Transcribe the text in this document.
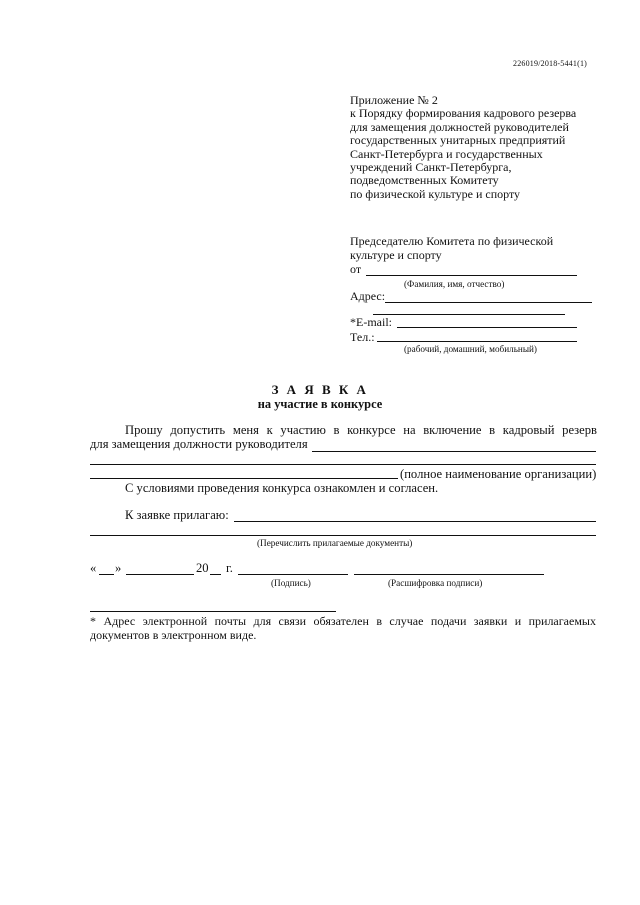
226019/2018-5441(1)
Приложение № 2
к Порядку формирования кадрового резерва
для замещения должностей руководителей
государственных унитарных предприятий
Санкт-Петербурга и государственных
учреждений Санкт-Петербурга,
подведомственных Комитету
по физической культуре и спорту
Председателю Комитета по физической
культуре и спорту
от
(Фамилия, имя, отчество)
Адрес:
*E-mail:
Тел.:
(рабочий, домашний, мобильный)
З А Я В К А
на участие в конкурсе
Прошу допустить меня к участию в конкурсе на включение в кадровый резерв
для замещения должности руководителя
(полное наименование организации)
С условиями проведения конкурса ознакомлен и согласен.
К заявке прилагаю:
(Перечислить прилагаемые документы)
« »	20 г.
(Подпись)	(Расшифровка подписи)
* Адрес электронной почты для связи обязателен в случае подачи заявки и прилагаемых документов в электронном виде.
